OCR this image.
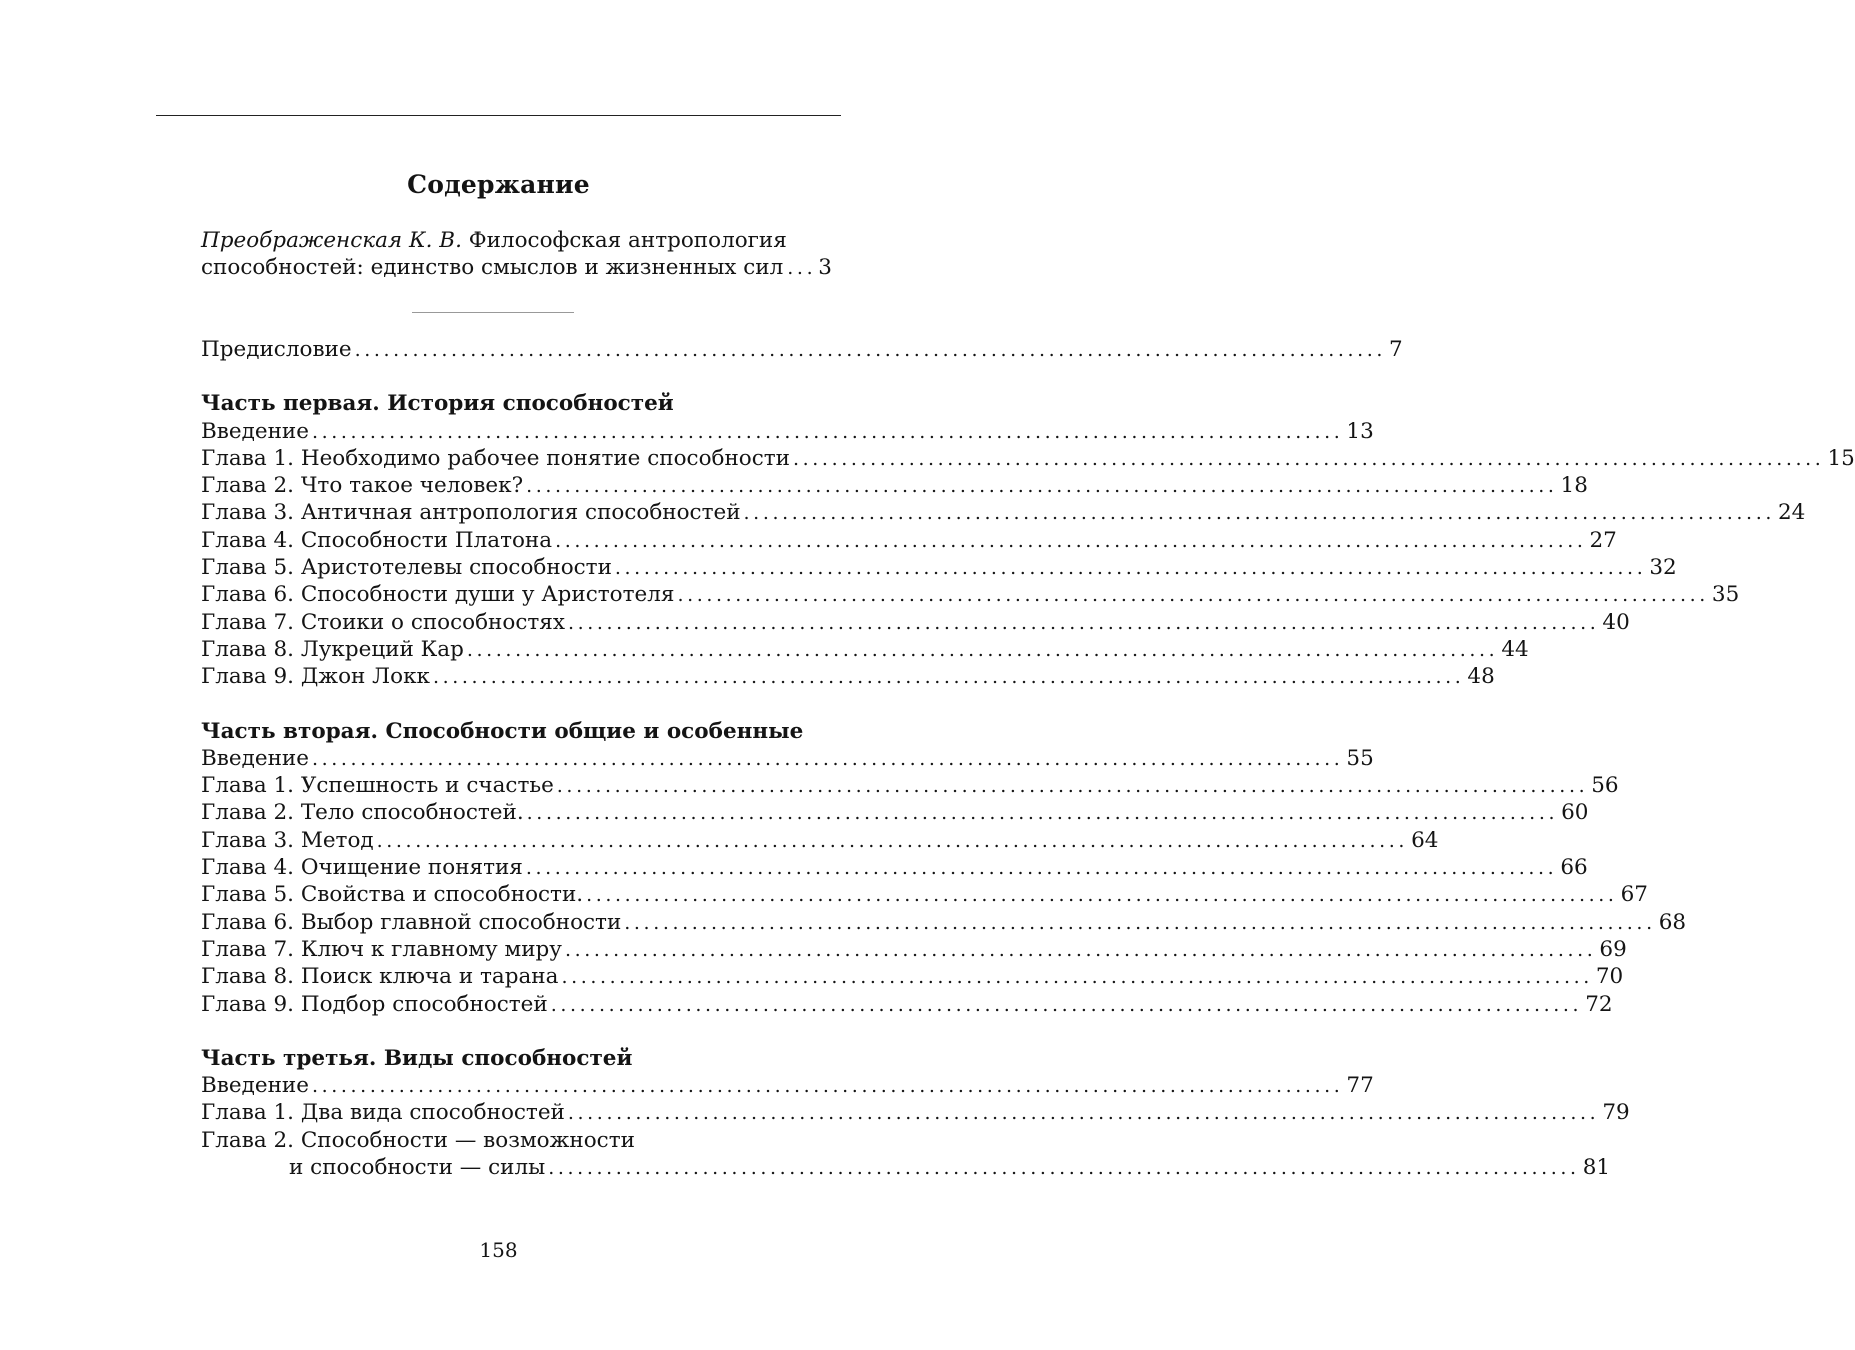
Содержание
Преображенская К. В. Философская антропология
способностей: единство смыслов и жизненных сил ... 3
Предисловие ........................................................................................................... 7
Часть первая. История способностей
Введение ........................................................................................................... 13
Глава 1. Необходимо рабочее понятие способности ........................................................................................................... 15
Глава 2. Что такое человек? ........................................................................................................... 18
Глава 3. Античная антропология способностей ........................................................................................................... 24
Глава 4. Способности Платона ........................................................................................................... 27
Глава 5. Аристотелевы способности ........................................................................................................... 32
Глава 6. Способности души у Аристотеля ........................................................................................................... 35
Глава 7. Стоики о способностях ........................................................................................................... 40
Глава 8. Лукреций Кар ........................................................................................................... 44
Глава 9. Джон Локк ........................................................................................................... 48
Часть вторая. Способности общие и особенные
Введение ........................................................................................................... 55
Глава 1. Успешность и счастье ........................................................................................................... 56
Глава 2. Тело способностей. ........................................................................................................... 60
Глава 3. Метод ........................................................................................................... 64
Глава 4. Очищение понятия ........................................................................................................... 66
Глава 5. Свойства и способности. ........................................................................................................... 67
Глава 6. Выбор главной способности ........................................................................................................... 68
Глава 7. Ключ к главному миру ........................................................................................................... 69
Глава 8. Поиск ключа и тарана ........................................................................................................... 70
Глава 9. Подбор способностей ........................................................................................................... 72
Часть третья. Виды способностей
Введение ........................................................................................................... 77
Глава 1. Два вида способностей ........................................................................................................... 79
Глава 2. Способности — возможности
и способности — силы ........................................................................................................... 81
158
